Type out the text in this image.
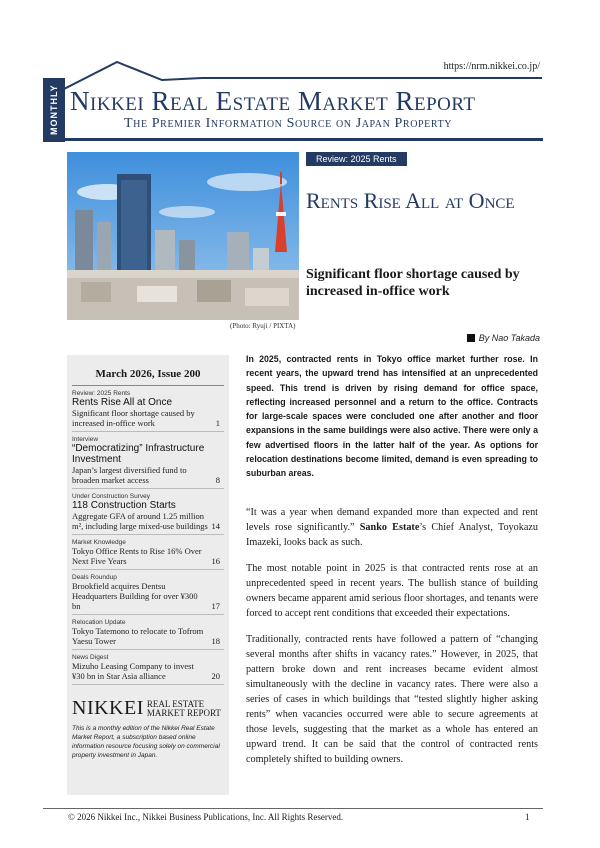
https://nrm.nikkei.co.jp/
MONTHLY Nikkei Real Estate Market Report
The Premier Information Source on Japan Property
(Photo: Ryuji / PIXTA)
Review: 2025 Rents
Rents Rise All at Once
Significant floor shortage caused by increased in-office work
By Nao Takada
March 2026, Issue 200
Review: 2025 Rents
Rents Rise All at Once
Significant floor shortage caused by increased in-office work	1
Interview
“Democratizing” Infrastructure Investment
Japan’s largest diversified fund to broaden market access	8
Under Construction Survey
118 Construction Starts
Aggregate GFA of around 1.25 million m², including large mixed-use buildings 14
Market Knowledge
Tokyo Office Rents to Rise 16% Over Next Five Years	16
Deals Roundup
Brookfield acquires Dentsu Headquarters Building for over ¥300 bn	17
Relocation Update
Tokyo Tatemono to relocate to Tofrom Yaesu Tower	18
News Digest
Mizuho Leasing Company to invest ¥30 bn in Star Asia alliance	20
NIKKEI REAL ESTATE
MARKET REPORT
This is a monthly edition of the Nikkei Real Estate Market Report, a subscription based online information resource focusing solely on commercial property investment in Japan.
In 2025, contracted rents in Tokyo office market further rose. In recent years, the upward trend has intensified at an unprecedented speed. This trend is driven by rising demand for office space, reflecting increased personnel and a return to the office. Contracts for large-scale spaces were concluded one after another and floor expansions in the same buildings were also active. There were only a few advertised floors in the latter half of the year. As options for relocation destinations become limited, demand is even spreading to suburban areas.

“It was a year when demand expanded more than expected and rent levels rose significantly.” Sanko Estate’s Chief Analyst, Toyokazu Imazeki, looks back as such.

The most notable point in 2025 is that contracted rents rose at an unprecedented speed in recent years. The bullish stance of building owners became apparent amid serious floor shortages, and tenants were forced to accept rent conditions that exceeded their expectations.

Traditionally, contracted rents have followed a pattern of “changing several months after shifts in vacancy rates.” However, in 2025, that pattern broke down and rent increases became evident almost simultaneously with the decline in vacancy rates. There were also a series of cases in which buildings that “tested slightly higher asking rents” when vacancies occurred were able to secure agreements at those levels, suggesting that the market as a whole has entered an upward trend. It can be said that the control of contracted rents completely shifted to building owners.

© 2026 Nikkei Inc., Nikkei Business Publications, Inc. All Rights Reserved.	1
